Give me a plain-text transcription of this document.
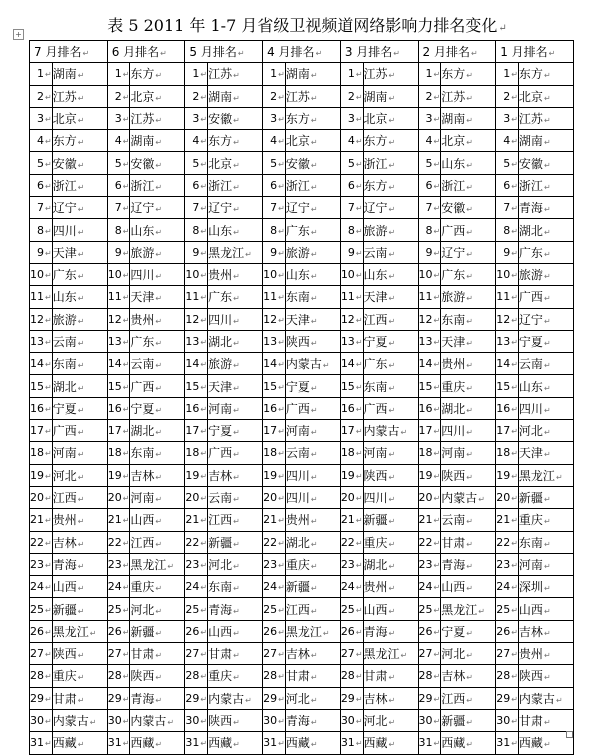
表 5 2011 年 1-7 月省级卫视频道网络影响力排名变化↵
+
7 月排名↵		6 月排名↵		5 月排名↵		4 月排名↵		3 月排名↵		2 月排名↵		1 月排名↵	
1↵	湖南↵	1↵	东方↵	1↵	江苏↵	1↵	湖南↵	1↵	江苏↵	1↵	东方↵	1↵	东方↵
2↵	江苏↵	2↵	北京↵	2↵	湖南↵	2↵	江苏↵	2↵	湖南↵	2↵	江苏↵	2↵	北京↵
3↵	北京↵	3↵	江苏↵	3↵	安徽↵	3↵	东方↵	3↵	北京↵	3↵	湖南↵	3↵	江苏↵
4↵	东方↵	4↵	湖南↵	4↵	东方↵	4↵	北京↵	4↵	东方↵	4↵	北京↵	4↵	湖南↵
5↵	安徽↵	5↵	安徽↵	5↵	北京↵	5↵	安徽↵	5↵	浙江↵	5↵	山东↵	5↵	安徽↵
6↵	浙江↵	6↵	浙江↵	6↵	浙江↵	6↵	浙江↵	6↵	东方↵	6↵	浙江↵	6↵	浙江↵
7↵	辽宁↵	7↵	辽宁↵	7↵	辽宁↵	7↵	辽宁↵	7↵	辽宁↵	7↵	安徽↵	7↵	青海↵
8↵	四川↵	8↵	山东↵	8↵	山东↵	8↵	广东↵	8↵	旅游↵	8↵	广西↵	8↵	湖北↵
9↵	天津↵	9↵	旅游↵	9↵	黑龙江↵	9↵	旅游↵	9↵	云南↵	9↵	辽宁↵	9↵	广东↵
10↵	广东↵	10↵	四川↵	10↵	贵州↵	10↵	山东↵	10↵	山东↵	10↵	广东↵	10↵	旅游↵
11↵	山东↵	11↵	天津↵	11↵	广东↵	11↵	东南↵	11↵	天津↵	11↵	旅游↵	11↵	广西↵
12↵	旅游↵	12↵	贵州↵	12↵	四川↵	12↵	天津↵	12↵	江西↵	12↵	东南↵	12↵	辽宁↵
13↵	云南↵	13↵	广东↵	13↵	湖北↵	13↵	陕西↵	13↵	宁夏↵	13↵	天津↵	13↵	宁夏↵
14↵	东南↵	14↵	云南↵	14↵	旅游↵	14↵	内蒙古↵	14↵	广东↵	14↵	贵州↵	14↵	云南↵
15↵	湖北↵	15↵	广西↵	15↵	天津↵	15↵	宁夏↵	15↵	东南↵	15↵	重庆↵	15↵	山东↵
16↵	宁夏↵	16↵	宁夏↵	16↵	河南↵	16↵	广西↵	16↵	广西↵	16↵	湖北↵	16↵	四川↵
17↵	广西↵	17↵	湖北↵	17↵	宁夏↵	17↵	河南↵	17↵	内蒙古↵	17↵	四川↵	17↵	河北↵
18↵	河南↵	18↵	东南↵	18↵	广西↵	18↵	云南↵	18↵	河南↵	18↵	河南↵	18↵	天津↵
19↵	河北↵	19↵	吉林↵	19↵	吉林↵	19↵	四川↵	19↵	陕西↵	19↵	陕西↵	19↵	黑龙江↵
20↵	江西↵	20↵	河南↵	20↵	云南↵	20↵	四川↵	20↵	四川↵	20↵	内蒙古↵	20↵	新疆↵
21↵	贵州↵	21↵	山西↵	21↵	江西↵	21↵	贵州↵	21↵	新疆↵	21↵	云南↵	21↵	重庆↵
22↵	吉林↵	22↵	江西↵	22↵	新疆↵	22↵	湖北↵	22↵	重庆↵	22↵	甘肃↵	22↵	东南↵
23↵	青海↵	23↵	黑龙江↵	23↵	河北↵	23↵	重庆↵	23↵	湖北↵	23↵	青海↵	23↵	河南↵
24↵	山西↵	24↵	重庆↵	24↵	东南↵	24↵	新疆↵	24↵	贵州↵	24↵	山西↵	24↵	深圳↵
25↵	新疆↵	25↵	河北↵	25↵	青海↵	25↵	江西↵	25↵	山西↵	25↵	黑龙江↵	25↵	山西↵
26↵	黑龙江↵	26↵	新疆↵	26↵	山西↵	26↵	黑龙江↵	26↵	青海↵	26↵	宁夏↵	26↵	吉林↵
27↵	陕西↵	27↵	甘肃↵	27↵	甘肃↵	27↵	吉林↵	27↵	黑龙江↵	27↵	河北↵	27↵	贵州↵
28↵	重庆↵	28↵	陕西↵	28↵	重庆↵	28↵	甘肃↵	28↵	甘肃↵	28↵	吉林↵	28↵	陕西↵
29↵	甘肃↵	29↵	青海↵	29↵	内蒙古↵	29↵	河北↵	29↵	吉林↵	29↵	江西↵	29↵	内蒙古↵
30↵	内蒙古↵	30↵	内蒙古↵	30↵	陕西↵	30↵	青海↵	30↵	河北↵	30↵	新疆↵	30↵	甘肃↵
31↵	西藏↵	31↵	西藏↵	31↵	西藏↵	31↵	西藏↵	31↵	西藏↵	31↵	西藏↵	31↵	西藏↵
